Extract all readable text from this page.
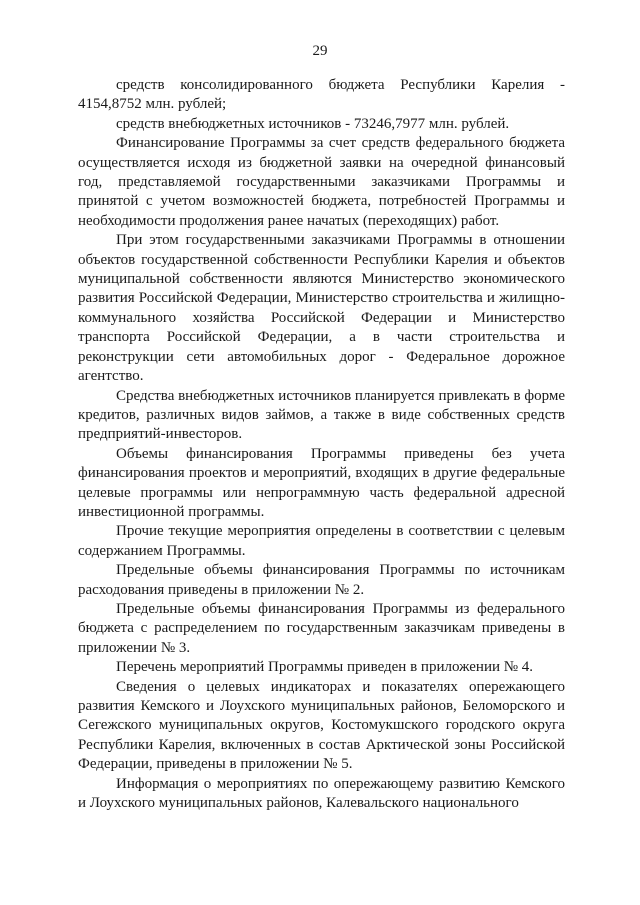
29

средств консолидированного бюджета Республики Карелия - 4154,8752 млн. рублей;

средств внебюджетных источников - 73246,7977 млн. рублей.

Финансирование Программы за счет средств федерального бюджета осуществляется исходя из бюджетной заявки на очередной финансовый год, представляемой государственными заказчиками Программы и принятой с учетом возможностей бюджета, потребностей Программы и необходимости продолжения ранее начатых (переходящих) работ.

При этом государственными заказчиками Программы в отношении объектов государственной собственности Республики Карелия и объектов муниципальной собственности являются Министерство экономического развития Российской Федерации, Министерство строительства и жилищно-коммунального хозяйства Российской Федерации и Министерство транспорта Российской Федерации, а в части строительства и реконструкции сети автомобильных дорог - Федеральное дорожное агентство.

Средства внебюджетных источников планируется привлекать в форме кредитов, различных видов займов, а также в виде собственных средств предприятий-инвесторов.

Объемы финансирования Программы приведены без учета финансирования проектов и мероприятий, входящих в другие федеральные целевые программы или непрограммную часть федеральной адресной инвестиционной программы.

Прочие текущие мероприятия определены в соответствии с целевым содержанием Программы.

Предельные объемы финансирования Программы по источникам расходования приведены в приложении № 2.

Предельные объемы финансирования Программы из федерального бюджета с распределением по государственным заказчикам приведены в приложении № 3.

Перечень мероприятий Программы приведен в приложении № 4.

Сведения о целевых индикаторах и показателях опережающего развития Кемского и Лоухского муниципальных районов, Беломорского и Сегежского муниципальных округов, Костомукшского городского округа Республики Карелия, включенных в состав Арктической зоны Российской Федерации, приведены в приложении № 5.

Информация о мероприятиях по опережающему развитию Кемского и Лоухского муниципальных районов, Калевальского национального
